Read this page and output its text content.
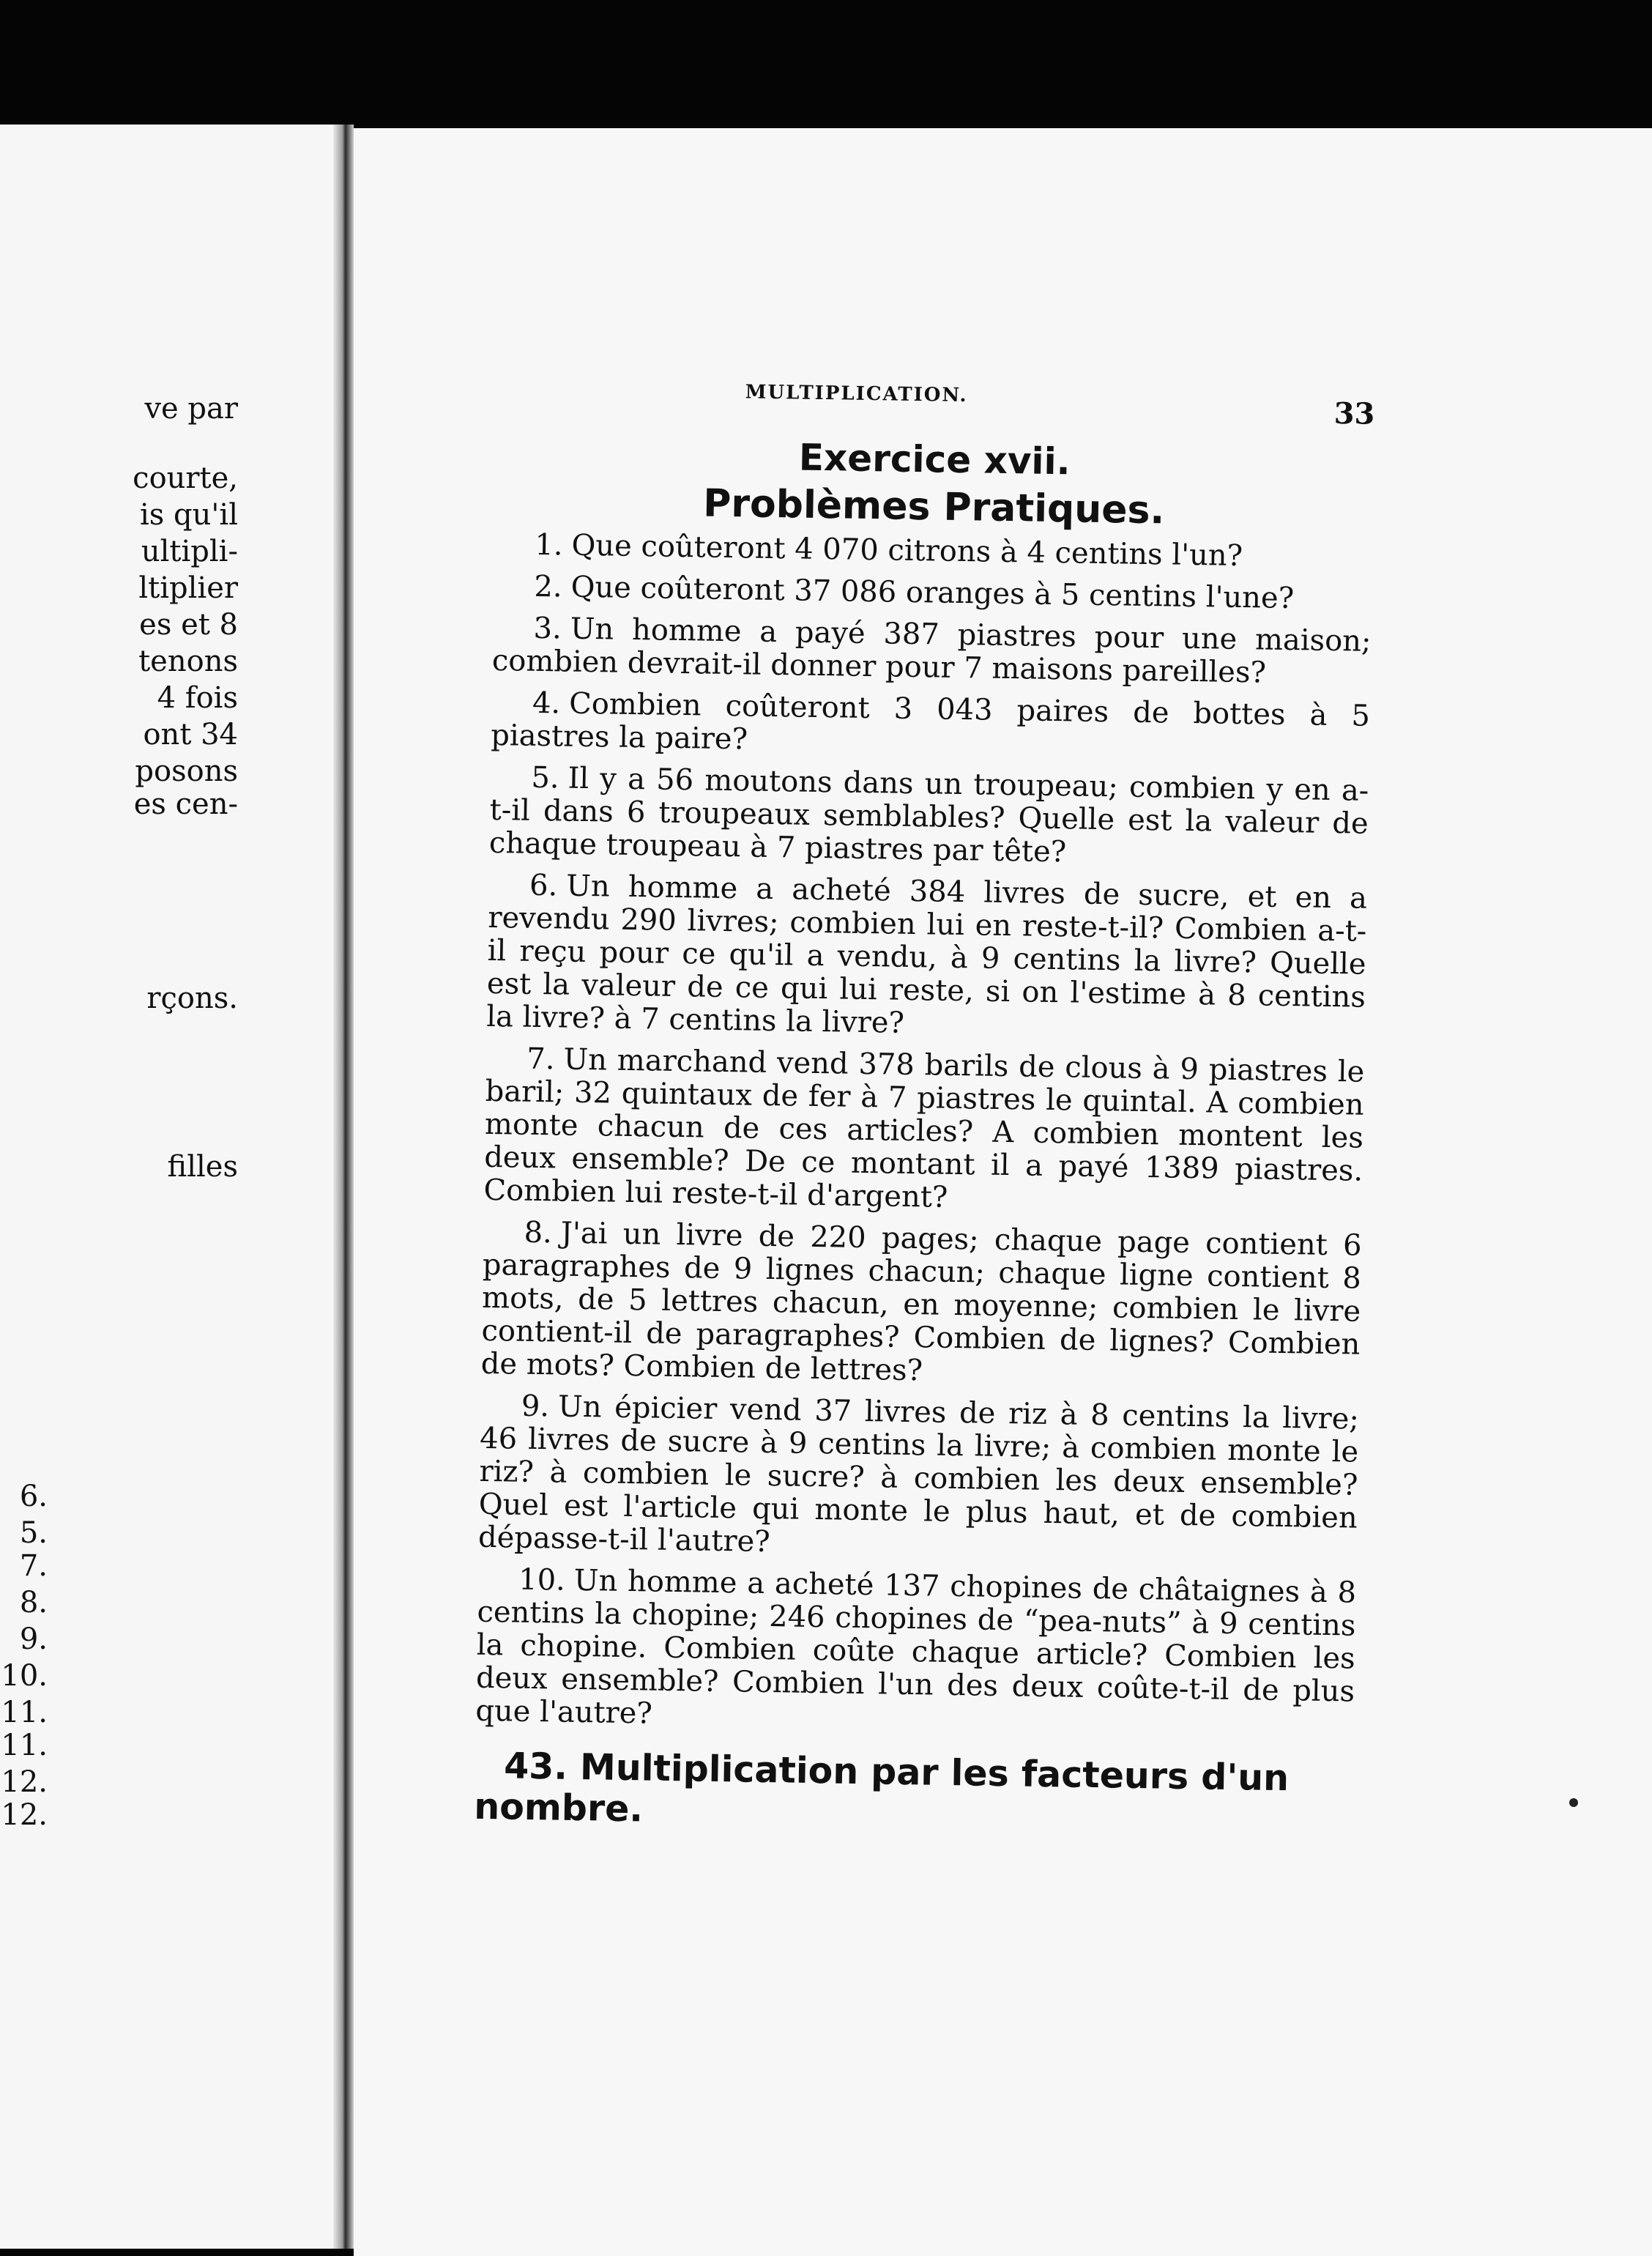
ve par
courte,
is qu'il
ultipli-
ltiplier
es et 8
tenons
4 fois
ont 34
posons
es cen-
rçons.
filles
6.
5.
7.
8.
9.
10.
11.
11.
12.
12.
MULTIPLICATION.
33
Exercice xvii.
Problèmes Pratiques.

1. Que coûteront 4 070 citrons à 4 centins l'un?

2. Que coûteront 37 086 oranges à 5 centins l'une?

3. Un homme a payé 387 piastres pour une maison; combien devrait-il donner pour 7 maisons pareilles?

4. Combien coûteront 3 043 paires de bottes à 5 piastres la paire?

5. Il y a 56 moutons dans un troupeau; combien y en a-t-il dans 6 troupeaux semblables? Quelle est la valeur de chaque troupeau à 7 piastres par tête?

6. Un homme a acheté 384 livres de sucre, et en a revendu 290 livres; combien lui en reste-t-il? Combien a-t-il reçu pour ce qu'il a vendu, à 9 centins la livre? Quelle est la valeur de ce qui lui reste, si on l'estime à 8 centins la livre? à 7 centins la livre?

7. Un marchand vend 378 barils de clous à 9 piastres le baril; 32 quintaux de fer à 7 piastres le quintal. A combien monte chacun de ces articles? A combien montent les deux ensemble? De ce montant il a payé 1389 piastres. Combien lui reste-t-il d'argent?

8. J'ai un livre de 220 pages; chaque page contient 6 paragraphes de 9 lignes chacun; chaque ligne contient 8 mots, de 5 lettres chacun, en moyenne; combien le livre contient-il de paragraphes? Combien de lignes? Combien de mots? Combien de lettres?

9. Un épicier vend 37 livres de riz à 8 centins la livre; 46 livres de sucre à 9 centins la livre; à combien monte le riz? à combien le sucre? à combien les deux ensemble? Quel est l'article qui monte le plus haut, et de combien dépasse-t-il l'autre?

10. Un homme a acheté 137 chopines de châtaignes à 8 centins la chopine; 246 chopines de “pea-nuts” à 9 centins la chopine. Combien coûte chaque article? Combien les deux ensemble? Combien l'un des deux coûte-t-il de plus que l'autre?

43. Multiplication par les facteurs d'un nombre.
